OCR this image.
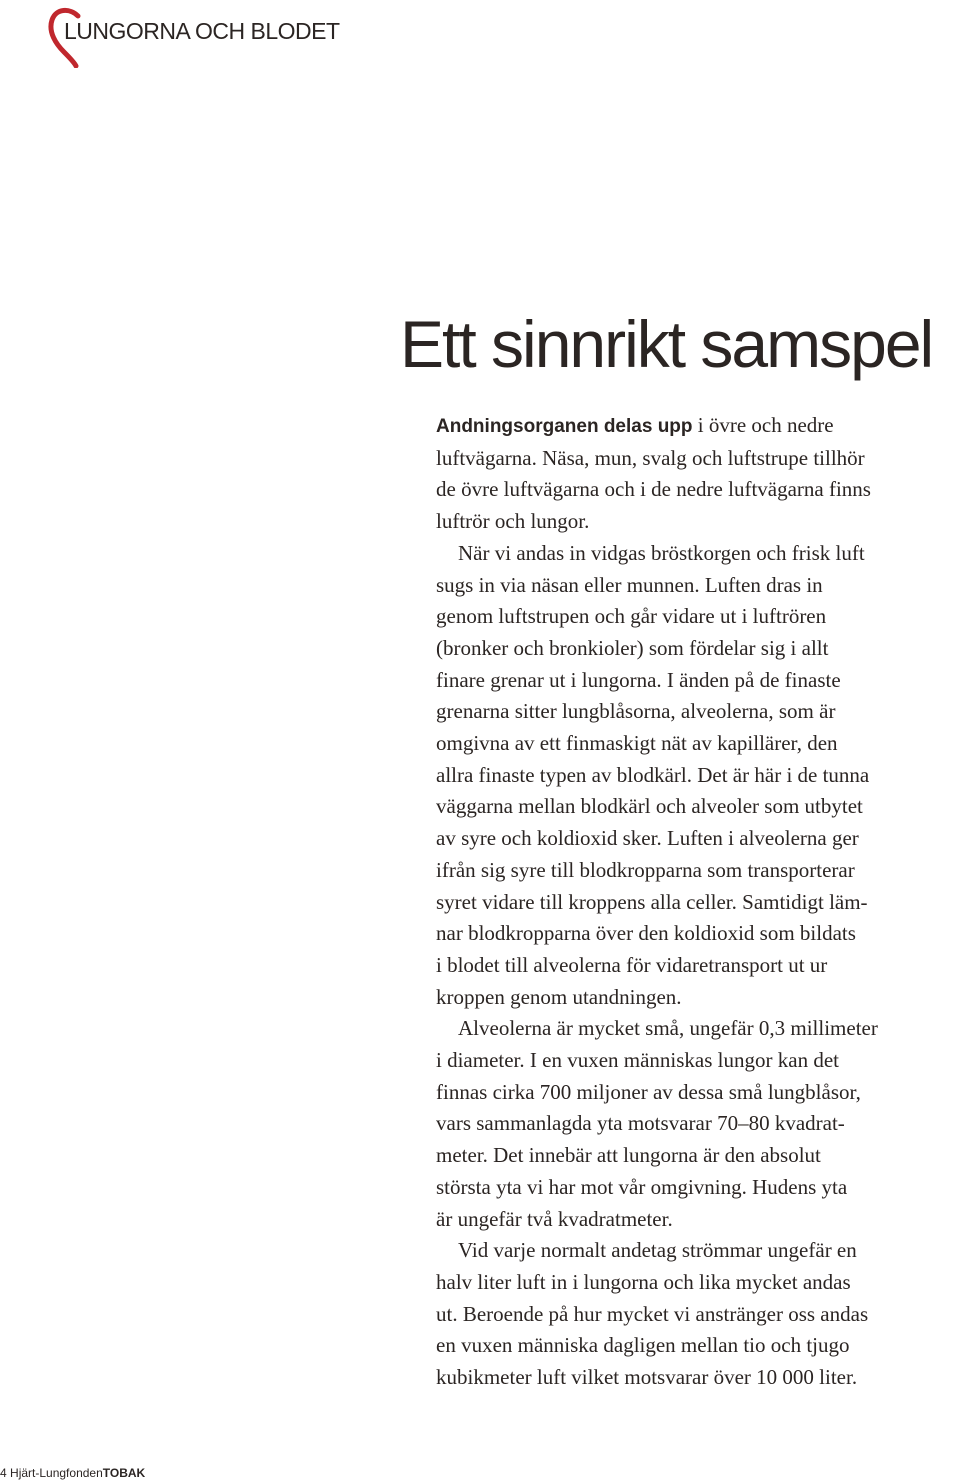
LUNGORNA OCH BLODET
Ett sinnrikt samspel
Andningsorganen delas upp i övre och nedre
luftvägarna. Näsa, mun, svalg och luftstrupe tillhör
de övre luftvägarna och i de nedre luftvägarna finns
luftrör och lungor.
När vi andas in vidgas bröstkorgen och frisk luft
sugs in via näsan eller munnen. Luften dras in
genom luftstrupen och går vidare ut i luftrören
(bronker och bronkioler) som fördelar sig i allt
finare grenar ut i lungorna. I änden på de finaste
grenarna sitter lungblåsorna, alveolerna, som är
omgivna av ett finmaskigt nät av kapillärer, den
allra finaste typen av blodkärl. Det är här i de tunna
väggarna mellan blodkärl och alveoler som utbytet
av syre och koldioxid sker. Luften i alveolerna ger
ifrån sig syre till blodkropparna som transporterar
syret vidare till kroppens alla celler. Samtidigt läm-
nar blodkropparna över den koldioxid som bildats
i blodet till alveolerna för vidaretransport ut ur
kroppen genom utandningen.
Alveolerna är mycket små, ungefär 0,3 millimeter
i diameter. I en vuxen människas lungor kan det
finnas cirka 700 miljoner av dessa små lungblåsor,
vars sammanlagda yta motsvarar 70–80 kvadrat-
meter. Det innebär att lungorna är den absolut
största yta vi har mot vår omgivning. Hudens yta
är ungefär två kvadratmeter.
Vid varje normalt andetag strömmar ungefär en
halv liter luft in i lungorna och lika mycket andas
ut. Beroende på hur mycket vi anstränger oss andas
en vuxen människa dagligen mellan tio och tjugo
kubikmeter luft vilket motsvarar över 10 000 liter.
4 Hjärt-LungfondenTOBAK
